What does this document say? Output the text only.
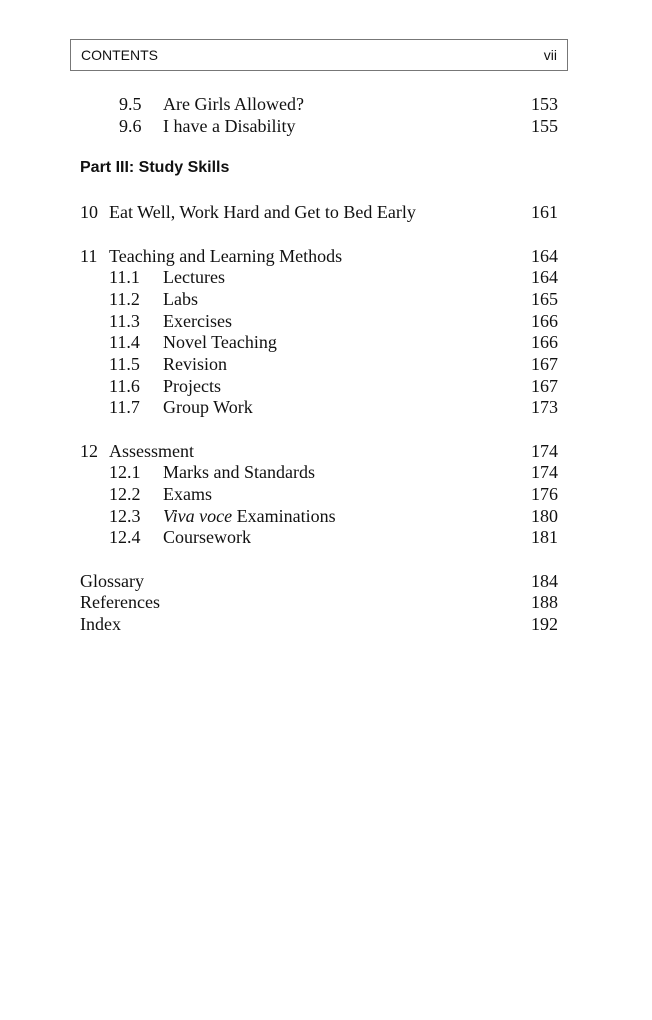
CONTENTS	vii
9.5 Are Girls Allowed?	153
9.6 I have a Disability	155
Part III: Study Skills
10 Eat Well, Work Hard and Get to Bed Early	161
11 Teaching and Learning Methods	164
11.1 Lectures	164
11.2 Labs	165
11.3 Exercises	166
11.4 Novel Teaching	166
11.5 Revision	167
11.6 Projects	167
11.7 Group Work	173
12 Assessment	174
12.1 Marks and Standards	174
12.2 Exams	176
12.3 Viva voce Examinations	180
12.4 Coursework	181
Glossary	184
References	188
Index	192
